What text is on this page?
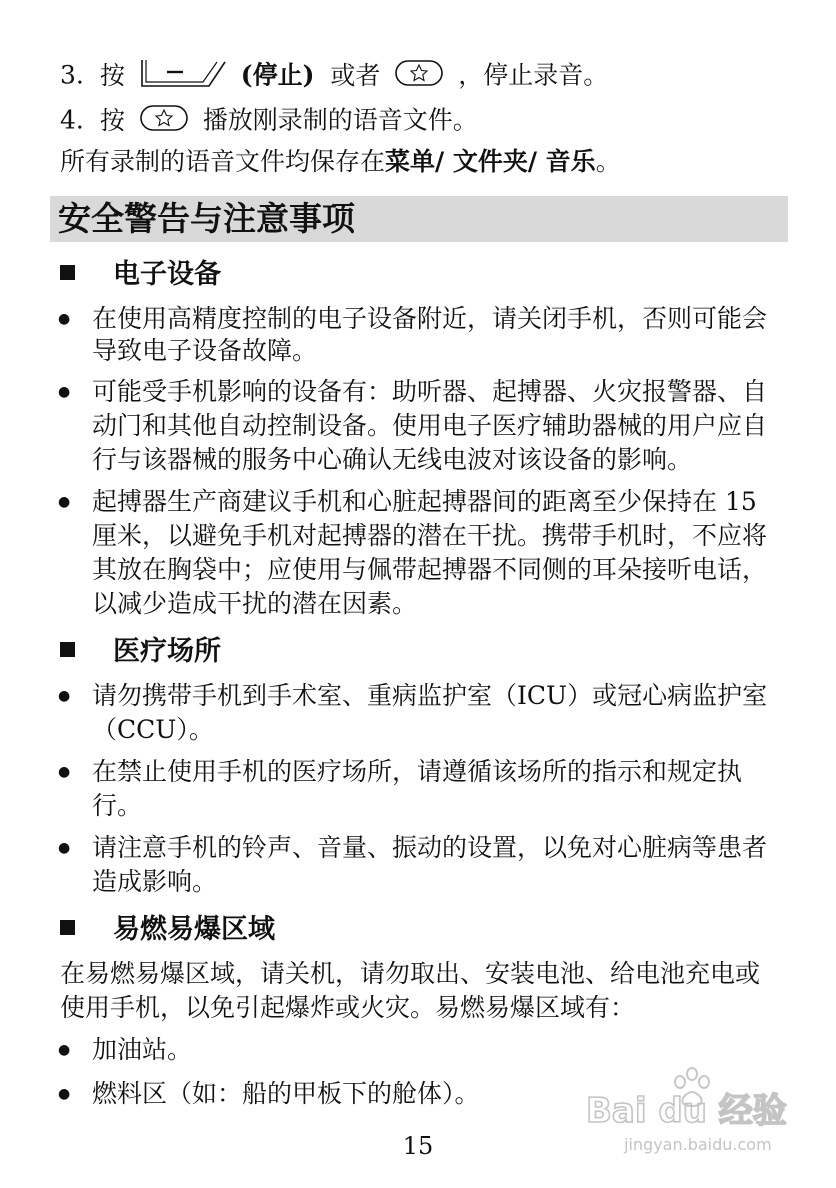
3. 按	(停止) 或者	，停止录音。
4. 按	播放刚录制的语音文件。
所有录制的语音文件均保存在菜单/ 文件夹/ 音乐。
安全警告与注意事项
电子设备
● 在使用高精度控制的电子设备附近，请关闭手机，否则可能会
导致电子设备故障。
● 可能受手机影响的设备有：助听器、起搏器、火灾报警器、自
动门和其他自动控制设备。使用电子医疗辅助器械的用户应自
行与该器械的服务中心确认无线电波对该设备的影响。
● 起搏器生产商建议手机和心脏起搏器间的距离至少保持在 15
厘米，以避免手机对起搏器的潜在干扰。携带手机时，不应将
其放在胸袋中；应使用与佩带起搏器不同侧的耳朵接听电话，
以减少造成干扰的潜在因素。
医疗场所
● 请勿携带手机到手术室、重病监护室（ICU）或冠心病监护室
（CCU）。
● 在禁止使用手机的医疗场所，请遵循该场所的指示和规定执
行。
● 请注意手机的铃声、音量、振动的设置，以免对心脏病等患者
造成影响。
易燃易爆区域
在易燃易爆区域，请关机，请勿取出、安装电池、给电池充电或
使用手机，以免引起爆炸或火灾。易燃易爆区域有：
● 加油站。
● 燃料区（如：船的甲板下的舱体）。	Bai du 经验
jingyan.baidu.com
15
